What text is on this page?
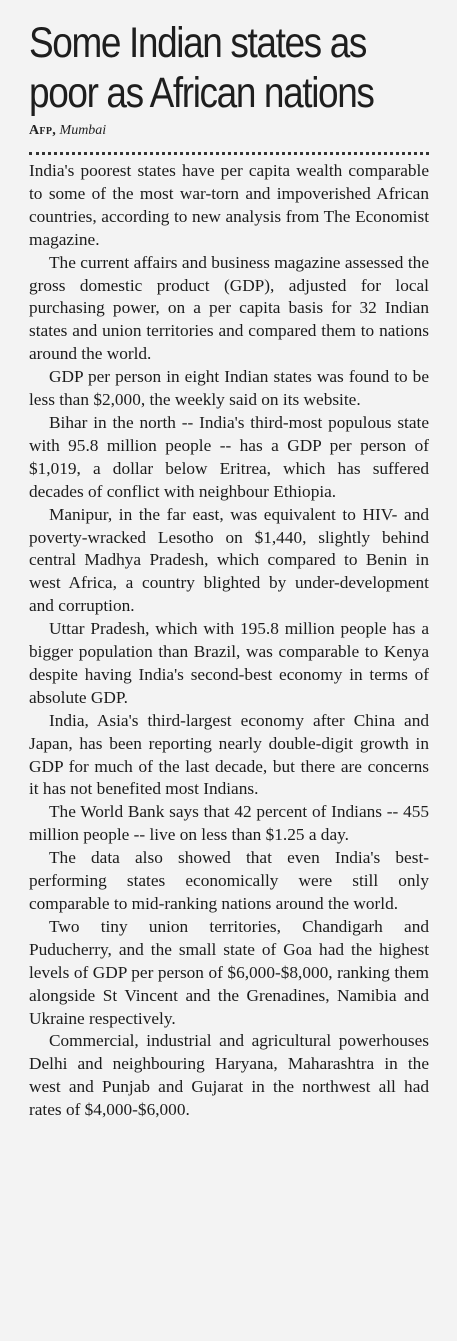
Some Indian states as poor as African nations
Afp, Mumbai

India's poorest states have per capita wealth comparable to some of the most war-torn and impoverished African countries, according to new analysis from The Economist magazine.

The current affairs and business magazine assessed the gross domestic product (GDP), adjusted for local purchasing power, on a per capita basis for 32 Indian states and union territories and compared them to nations around the world.

GDP per person in eight Indian states was found to be less than $2,000, the weekly said on its website.

Bihar in the north -- India's third-most populous state with 95.8 million people -- has a GDP per person of $1,019, a dollar below Eritrea, which has suffered decades of conflict with neighbour Ethiopia.

Manipur, in the far east, was equivalent to HIV- and poverty-wracked Lesotho on $1,440, slightly behind central Madhya Pradesh, which compared to Benin in west Africa, a country blighted by under-development and corruption.

Uttar Pradesh, which with 195.8 million people has a bigger population than Brazil, was comparable to Kenya despite having India's second-best economy in terms of absolute GDP.

India, Asia's third-largest economy after China and Japan, has been reporting nearly double-digit growth in GDP for much of the last decade, but there are concerns it has not benefited most Indians.

The World Bank says that 42 percent of Indians -- 455 million people -- live on less than $1.25 a day.

The data also showed that even India's best-performing states economically were still only comparable to mid-ranking nations around the world.

Two tiny union territories, Chandigarh and Puducherry, and the small state of Goa had the highest levels of GDP per person of $6,000-$8,000, ranking them alongside St Vincent and the Grenadines, Namibia and Ukraine respectively.

Commercial, industrial and agricultural powerhouses Delhi and neighbouring Haryana, Maharashtra in the west and Punjab and Gujarat in the northwest all had rates of $4,000-$6,000.
